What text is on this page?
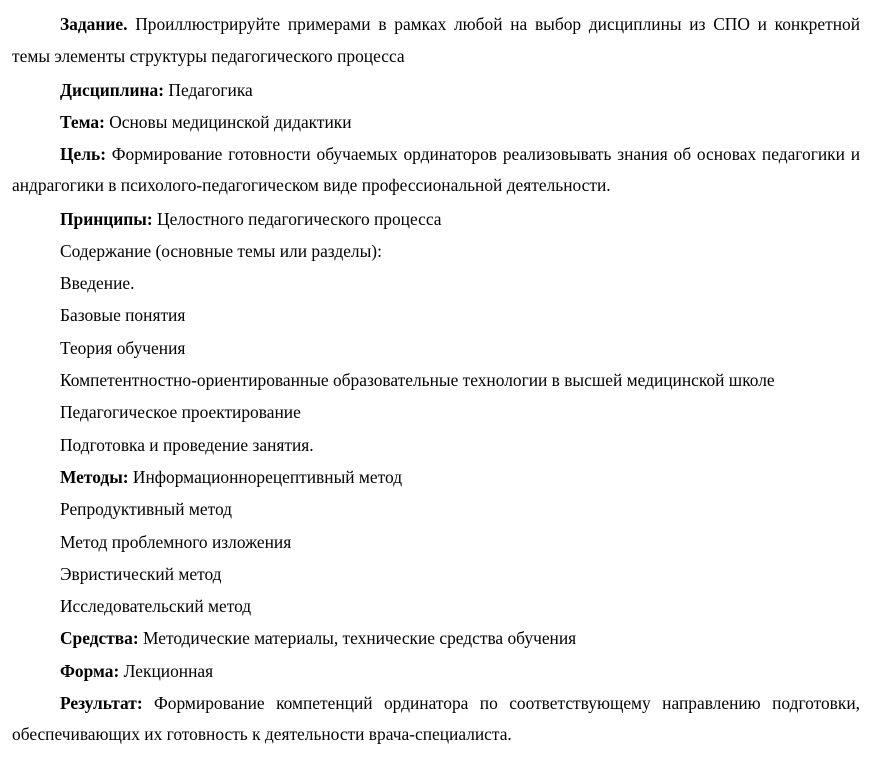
Задание. Проиллюстрируйте примерами в рамках любой на выбор дисциплины из СПО и конкретной темы элементы структуры педагогического процесса

Дисциплина: Педагогика

Тема: Основы медицинской дидактики

Цель: Формирование готовности обучаемых ординаторов реализовывать знания об основах педагогики и андрагогики в психолого-педагогическом виде профессиональной деятельности.

Принципы: Целостного педагогического процесса

Содержание (основные темы или разделы):

Введение.

Базовые понятия

Теория обучения

Компетентностно-ориентированные образовательные технологии в высшей медицинской школе

Педагогическое проектирование

Подготовка и проведение занятия.

Методы: Информационнорецептивный метод

Репродуктивный метод

Метод проблемного изложения

Эвристический метод

Исследовательский метод

Средства: Методические материалы, технические средства обучения

Форма: Лекционная

Результат: Формирование компетенций ординатора по соответствующему направлению подготовки, обеспечивающих их готовность к деятельности врача-специалиста.
